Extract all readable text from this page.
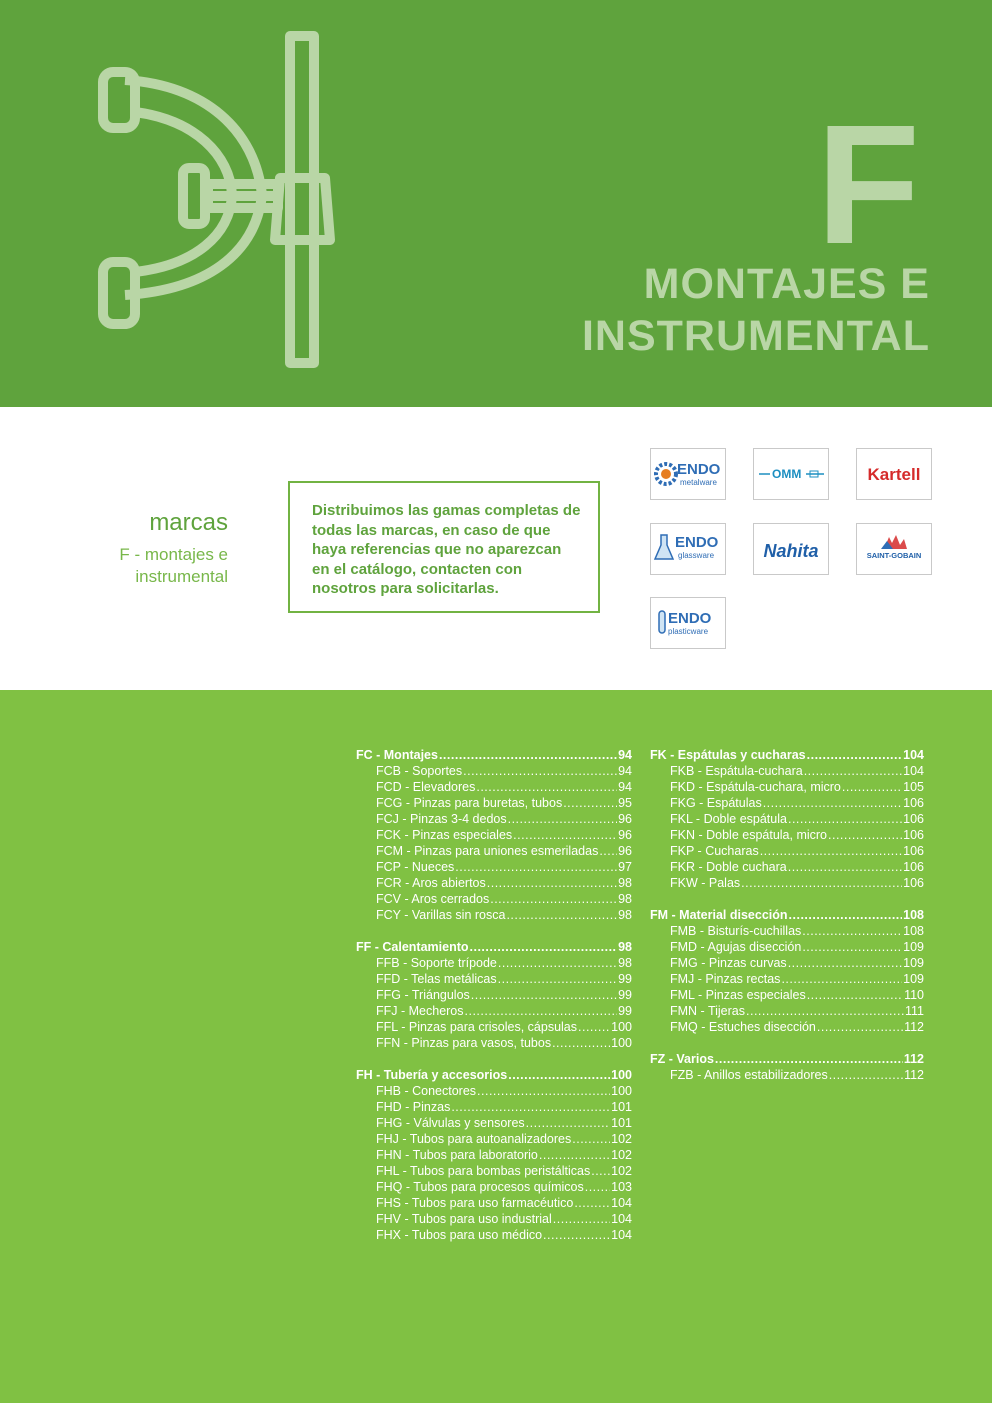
F
MONTAJES E
INSTRUMENTAL
marcas
F - montajes e
instrumental
Distribuimos las gamas completas de todas las marcas, en caso de que haya referencias que no aparezcan en el catálogo, contacten con nosotros para solicitarlas.
ENDO
metalware
OMM	Kartell
ENDO
glassware	Nahita	SAINT-GOBAIN
ENDO
plasticware
FC - Montajes .....	94
FCB - Soportes .....	94
FCD - Elevadores .....	94
FCG - Pinzas para buretas, tubos .....	95
FCJ - Pinzas 3-4 dedos .....	96
FCK - Pinzas especiales .....	96
FCM - Pinzas para uniones esmeriladas ..... 96
FCP - Nueces .....	97
FCR - Aros abiertos .....	98
FCV - Aros cerrados .....	98
FCY - Varillas sin rosca .....	98
FF - Calentamiento .....	98
FFB - Soporte trípode .....	98
FFD - Telas metálicas .....	99
FFG - Triángulos .....	99
FFJ - Mecheros .....	99
FFL - Pinzas para crisoles, cápsulas .....	100
FFN - Pinzas para vasos, tubos .....	100
FH - Tubería y accesorios .....	100
FHB - Conectores .....	100
FHD - Pinzas .....	101
FHG - Válvulas y sensores .....	101
FHJ - Tubos para autoanalizadores .....	102
FHN - Tubos para laboratorio .....	102
FHL - Tubos para bombas peristálticas ..... 102
FHQ - Tubos para procesos químicos ..... 103
FHS - Tubos para uso farmacéutico .....	104
FHV - Tubos para uso industrial .....	104
FHX - Tubos para uso médico .....	104
FK - Espátulas y cucharas .....	104
FKB - Espátula-cuchara .....	104
FKD - Espátula-cuchara, micro .....	105
FKG - Espátulas .....	106
FKL - Doble espátula .....	106
FKN - Doble espátula, micro .....	106
FKP - Cucharas .....	106
FKR - Doble cuchara .....	106
FKW - Palas .....	106
FM - Material disección .....	108
FMB - Bisturís-cuchillas .....	108
FMD - Agujas disección .....	109
FMG - Pinzas curvas .....	109
FMJ - Pinzas rectas .....	109
FML - Pinzas especiales .....	110
FMN - Tijeras .....	111
FMQ - Estuches disección .....	112
FZ - Varios .....	112
FZB - Anillos estabilizadores .....	112
